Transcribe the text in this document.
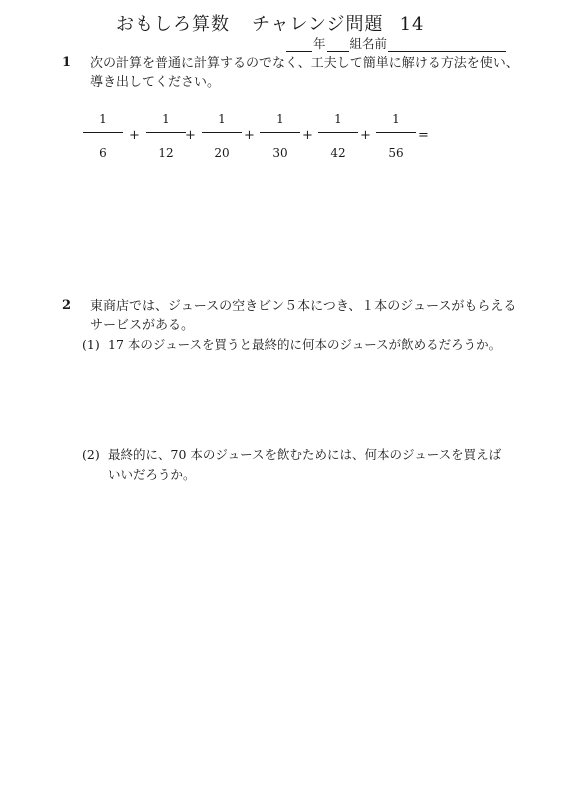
おもしろ算数 チャレンジ問題 14
年 組名前
1 次の計算を普通に計算するのでなく、工夫して簡単に解ける方法を使い、
導き出してください。
1
6
+
1
12
+
1
20
+
1
30
+
1
42
+
1
56
=
2 東商店では、ジュースの空きビン５本につき、１本のジュースがもらえる
サービスがある。
(1) 17 本のジュースを買うと最終的に何本のジュースが飲めるだろうか。
(2) 最終的に、70 本のジュースを飲むためには、何本のジュースを買えば
いいだろうか。
